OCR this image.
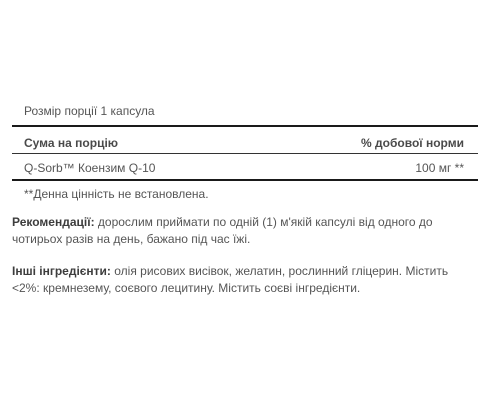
Розмір порції 1 капсула
Сума на порцію	% добової норми
Q-Sorb™ Коензим Q-10	100 мг **
**Денна цінність не встановлена.
Рекомендації: дорослим приймати по одній (1) м'якій капсулі від одного до чотирьох разів на день, бажано під час їжі.
Інші інгредієнти: олія рисових висівок, желатин, рослинний гліцерин. Містить <2%: кремнезему, соєвого лецитину. Містить соєві інгредієнти.
